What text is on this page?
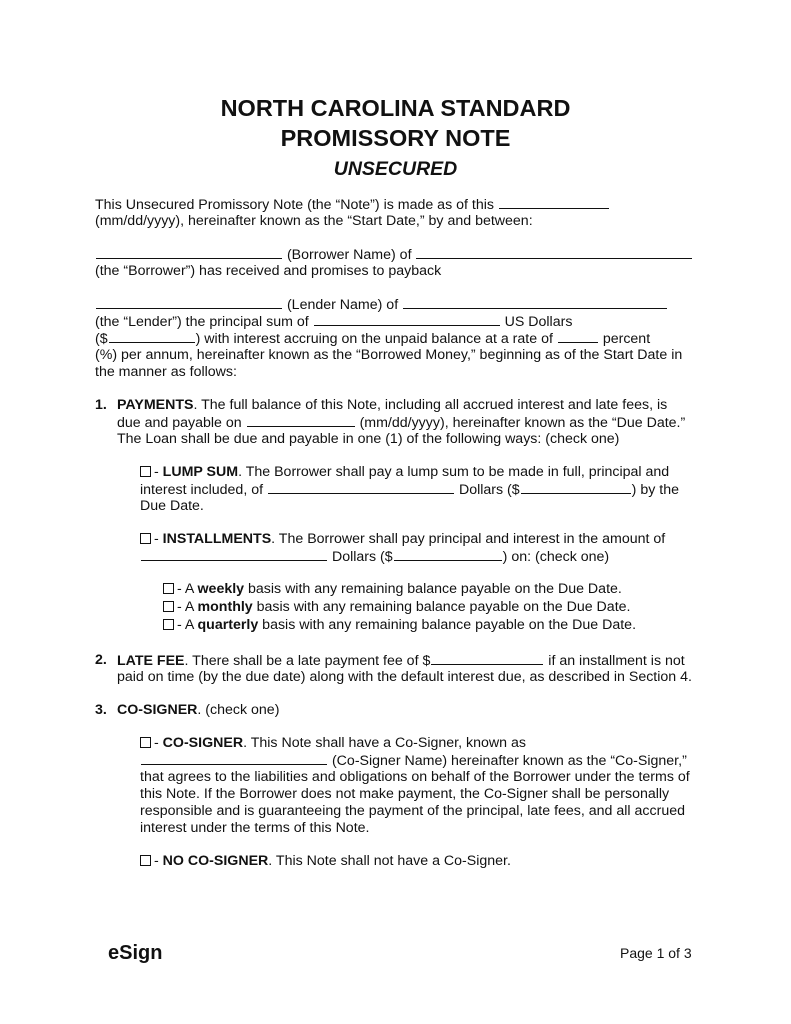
NORTH CAROLINA STANDARD
PROMISSORY NOTE
UNSECURED
This Unsecured Promissory Note (the “Note”) is made as of this
(mm/dd/yyyy), hereinafter known as the “Start Date,” by and between:
(Borrower Name) of
(the “Borrower”) has received and promises to payback
(Lender Name) of
(the “Lender”) the principal sum of	US Dollars
($	) with interest accruing on the unpaid balance at a rate of	percent
(%) per annum, hereinafter known as the “Borrowed Money,” beginning as of the Start Date in
the manner as follows:
1. PAYMENTS. The full balance of this Note, including all accrued interest and late fees, is
due and payable on	(mm/dd/yyyy), hereinafter known as the “Due Date.”
The Loan shall be due and payable in one (1) of the following ways: (check one)
- LUMP SUM. The Borrower shall pay a lump sum to be made in full, principal and
interest included, of	Dollars ($	) by the
Due Date.
- INSTALLMENTS. The Borrower shall pay principal and interest in the amount of
Dollars ($	) on: (check one)
- A weekly basis with any remaining balance payable on the Due Date.
- A monthly basis with any remaining balance payable on the Due Date.
- A quarterly basis with any remaining balance payable on the Due Date.
2. LATE FEE. There shall be a late payment fee of $	if an installment is not
paid on time (by the due date) along with the default interest due, as described in Section 4.
3. CO-SIGNER. (check one)
- CO-SIGNER. This Note shall have a Co-Signer, known as
(Co-Signer Name) hereinafter known as the “Co-Signer,”
that agrees to the liabilities and obligations on behalf of the Borrower under the terms of
this Note. If the Borrower does not make payment, the Co-Signer shall be personally
responsible and is guaranteeing the payment of the principal, late fees, and all accrued
interest under the terms of this Note.
- NO CO-SIGNER. This Note shall not have a Co-Signer.
eSign	Page 1 of 3
